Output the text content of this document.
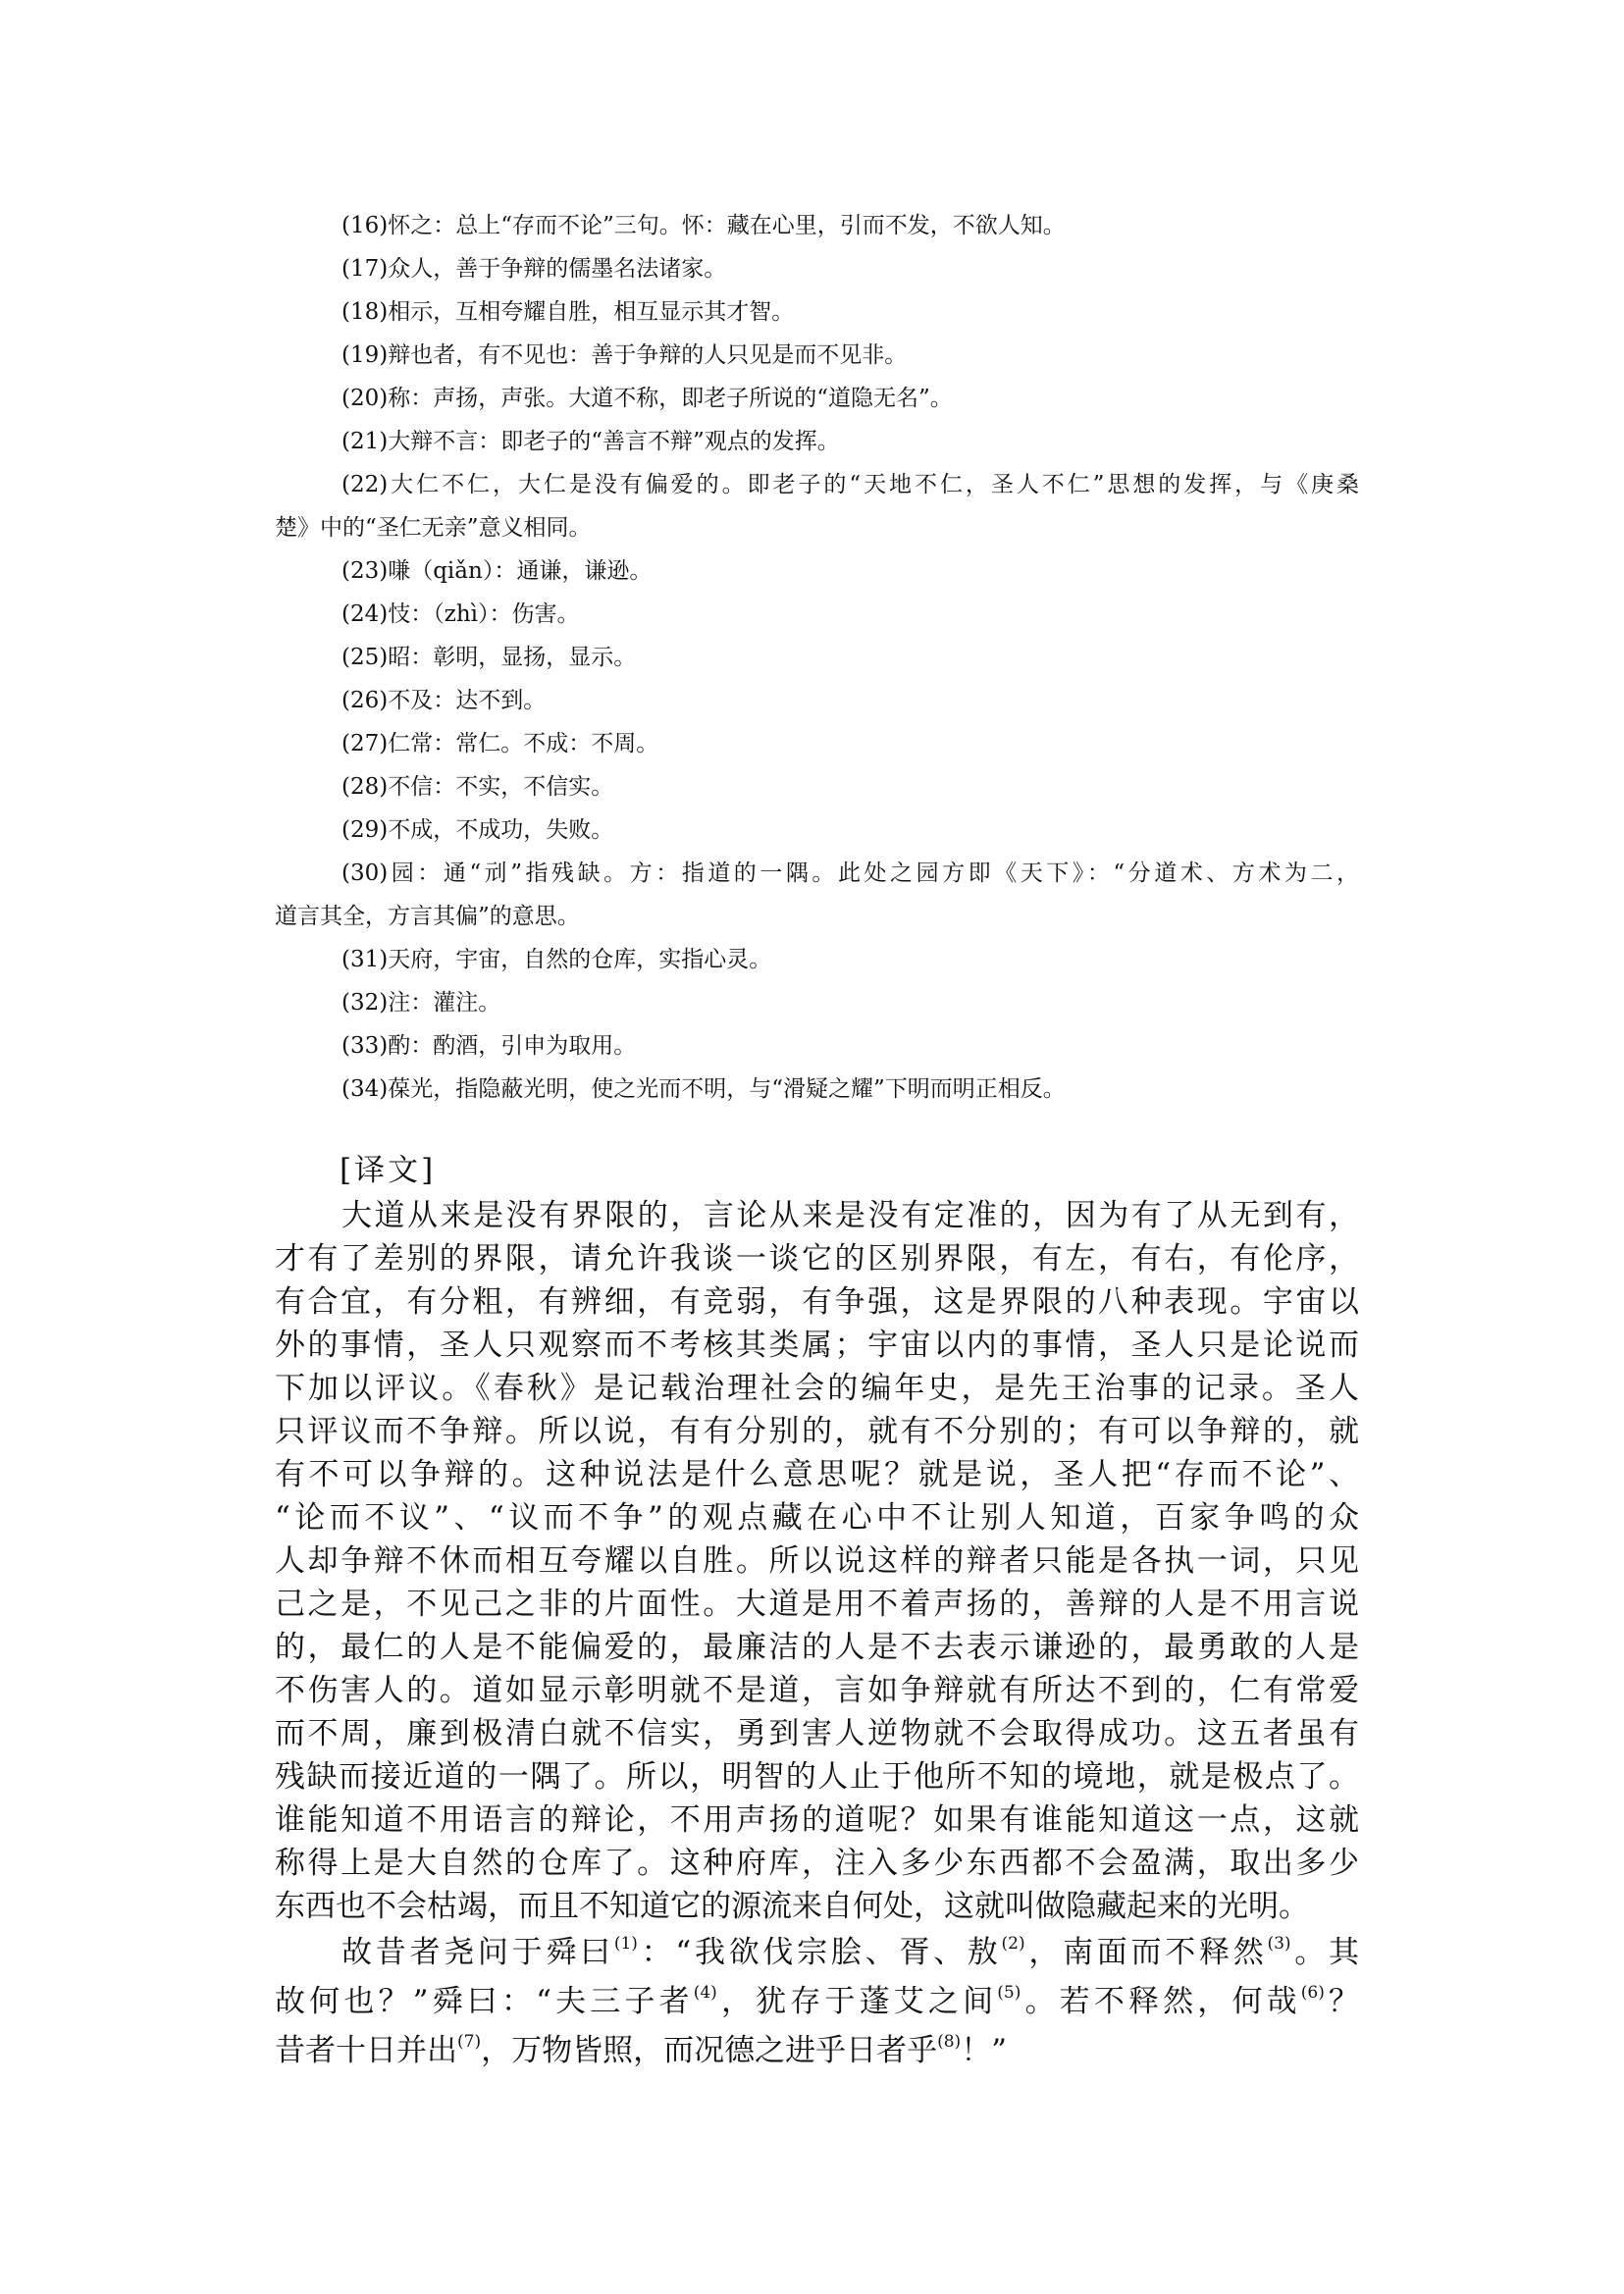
(16)怀之：总上“存而不论”三句。怀：藏在心里，引而不发，不欲人知。
(17)众人，善于争辩的儒墨名法诸家。
(18)相示，互相夸耀自胜，相互显示其才智。
(19)辩也者，有不见也：善于争辩的人只见是而不见非。
(20)称：声扬，声张。大道不称，即老子所说的“道隐无名”。
(21)大辩不言：即老子的“善言不辩”观点的发挥。
(22)大仁不仁，大仁是没有偏爱的。即老子的“天地不仁，圣人不仁”思想的发挥，与《庚桑
楚》中的“圣仁无亲”意义相同。
(23)嗛（qiǎn）：通谦，谦逊。
(24)忮：（zhì）：伤害。
(25)昭：彰明，显扬，显示。
(26)不及：达不到。
(27)仁常：常仁。不成：不周。
(28)不信：不实，不信实。
(29)不成，不成功，失败。
(30)园：通“刓”指残缺。方：指道的一隅。此处之园方即《天下》：“分道术、方术为二，
道言其全，方言其偏”的意思。
(31)天府，宇宙，自然的仓库，实指心灵。
(32)注：灌注。
(33)酌：酌酒，引申为取用。
(34)葆光，指隐蔽光明，使之光而不明，与“滑疑之耀”下明而明正相反。
[译文]
大道从来是没有界限的，言论从来是没有定准的，因为有了从无到有，
才有了差别的界限，请允许我谈一谈它的区别界限，有左，有右，有伦序，
有合宜，有分粗，有辨细，有竞弱，有争强，这是界限的八种表现。宇宙以
外的事情，圣人只观察而不考核其类属；宇宙以内的事情，圣人只是论说而
下加以评议。《春秋》是记载治理社会的编年史，是先王治事的记录。圣人
只评议而不争辩。所以说，有有分别的，就有不分别的；有可以争辩的，就
有不可以争辩的。这种说法是什么意思呢？就是说，圣人把“存而不论”、
“论而不议”、“议而不争”的观点藏在心中不让别人知道，百家争鸣的众
人却争辩不休而相互夸耀以自胜。所以说这样的辩者只能是各执一词，只见
己之是，不见己之非的片面性。大道是用不着声扬的，善辩的人是不用言说
的，最仁的人是不能偏爱的，最廉洁的人是不去表示谦逊的，最勇敢的人是
不伤害人的。道如显示彰明就不是道，言如争辩就有所达不到的，仁有常爱
而不周，廉到极清白就不信实，勇到害人逆物就不会取得成功。这五者虽有
残缺而接近道的一隅了。所以，明智的人止于他所不知的境地，就是极点了。
谁能知道不用语言的辩论，不用声扬的道呢？如果有谁能知道这一点，这就
称得上是大自然的仓库了。这种府库，注入多少东西都不会盈满，取出多少
东西也不会枯竭，而且不知道它的源流来自何处，这就叫做隐藏起来的光明。
故昔者尧问于舜曰$^{(1)}$：“我欲伐宗脍、胥、敖$^{(2)}$，南面而不释然$^{(3)}$。其
故何也？”舜曰：“夫三子者$^{(4)}$，犹存于蓬艾之间$^{(5)}$。若不释然，何哉$^{(6)}$？
昔者十日并出$^{(7)}$，万物皆照，而况德之进乎日者乎$^{(8)}$！”
